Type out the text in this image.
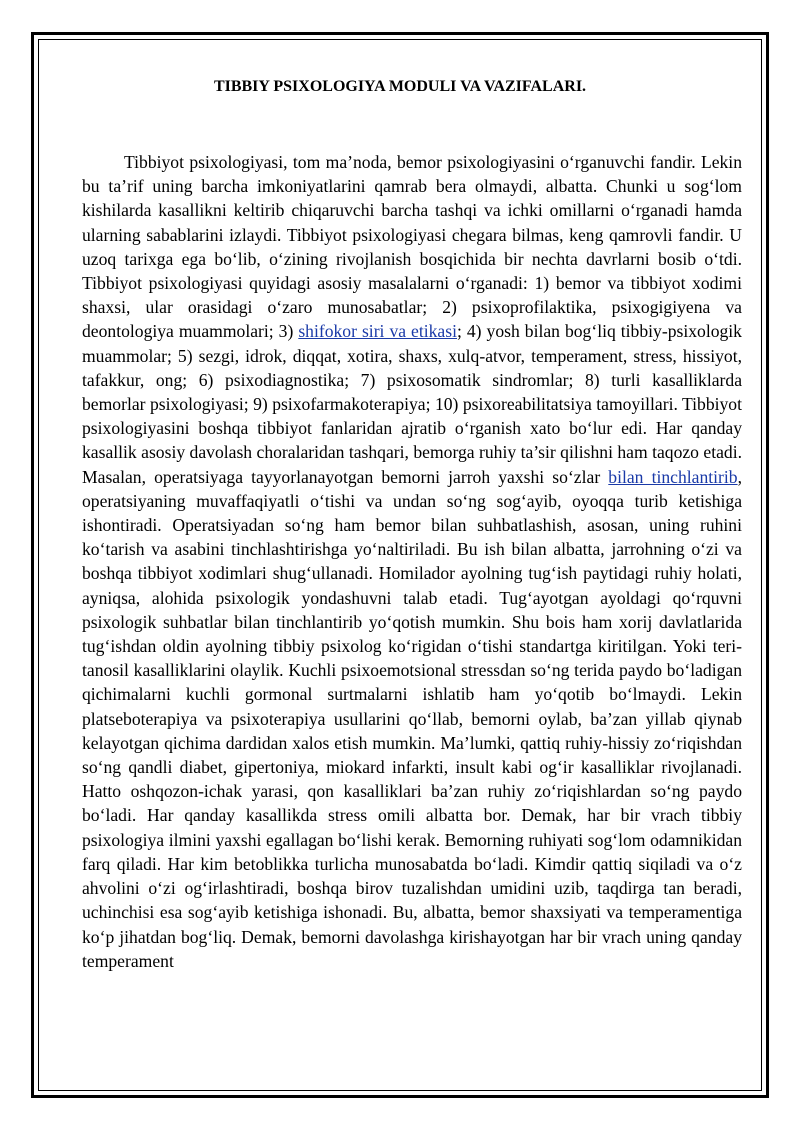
TIBBIY PSIXOLOGIYA MODULI VA VAZIFALARI.

Tibbiyot psixologiyasi, tom ma’noda, bemor psixologiyasini o‘rganuvchi fandir. Lekin bu ta’rif uning barcha imkoniyatlarini qamrab bera olmaydi, albatta. Chunki u sog‘lom kishilarda kasallikni keltirib chiqaruvchi barcha tashqi va ichki omillarni o‘rganadi hamda ularning sabablarini izlaydi. Tibbiyot psixologiyasi chegara bilmas, keng qamrovli fandir. U uzoq tarixga ega bo‘lib, o‘zining rivojlanish bosqichida bir nechta davrlarni bosib o‘tdi. Tibbiyot psixologiyasi quyidagi asosiy masalalarni o‘rganadi: 1) bemor va tibbiyot xodimi shaxsi, ular orasidagi o‘zaro munosabatlar; 2) psixoprofilaktika, psixogigiyena va deontologiya muammolari; 3) shifokor siri va etikasi; 4) yosh bilan bog‘liq tibbiy-psixologik muammolar; 5) sezgi, idrok, diqqat, xotira, shaxs, xulq-atvor, temperament, stress, hissiyot, tafakkur, ong; 6) psixodiagnostika; 7) psixosomatik sindromlar; 8) turli kasalliklarda bemorlar psixologiyasi; 9) psixofarmakoterapiya; 10) psixoreabilitatsiya tamoyillari. Tibbiyot psixologiyasini boshqa tibbiyot fanlaridan ajratib o‘rganish xato bo‘lur edi. Har qanday kasallik asosiy davolash choralaridan tashqari, bemorga ruhiy ta’sir qilishni ham taqozo etadi. Masalan, operatsiyaga tayyorlanayotgan bemorni jarroh yaxshi so‘zlar bilan tinchlantirib, operatsiyaning muvaffaqiyatli o‘tishi va undan so‘ng sog‘ayib, oyoqqa turib ketishiga ishontiradi. Operatsiyadan so‘ng ham bemor bilan suhbatlashish, asosan, uning ruhini ko‘tarish va asabini tinchlashtirishga yo‘naltiriladi. Bu ish bilan albatta, jarrohning o‘zi va boshqa tibbiyot xodimlari shug‘ullanadi. Homilador ayolning tug‘ish paytidagi ruhiy holati, ayniqsa, alohida psixologik yondashuvni talab etadi. Tug‘ayotgan ayoldagi qo‘rquvni psixologik suhbatlar bilan tinchlantirib yo‘qotish mumkin. Shu bois ham xorij davlatlarida tug‘ishdan oldin ayolning tibbiy psixolog ko‘rigidan o‘tishi standartga kiritilgan. Yoki teri-tanosil kasalliklarini olaylik. Kuchli psixoemotsional stressdan so‘ng terida paydo bo‘ladigan qichimalarni kuchli gormonal surtmalarni ishlatib ham yo‘qotib bo‘lmaydi. Lekin platseboterapiya va psixoterapiya usullarini qo‘llab, bemorni oylab, ba’zan yillab qiynab kelayotgan qichima dardidan xalos etish mumkin. Ma’lumki, qattiq ruhiy-hissiy zo‘riqishdan so‘ng qandli diabet, gipertoniya, miokard infarkti, insult kabi og‘ir kasalliklar rivojlanadi. Hatto oshqozon-ichak yarasi, qon kasalliklari ba’zan ruhiy zo‘riqishlardan so‘ng paydo bo‘ladi. Har qanday kasallikda stress omili albatta bor. Demak, har bir vrach tibbiy psixologiya ilmini yaxshi egallagan bo‘lishi kerak. Bemorning ruhiyati sog‘lom odamnikidan farq qiladi. Har kim betoblikka turlicha munosabatda bo‘ladi. Kimdir qattiq siqiladi va o‘z ahvolini o‘zi og‘irlashtiradi, boshqa birov tuzalishdan umidini uzib, taqdirga tan beradi, uchinchisi esa sog‘ayib ketishiga ishonadi. Bu, albatta, bemor shaxsiyati va temperamentiga ko‘p jihatdan bog‘liq. Demak, bemorni davolashga kirishayotgan har bir vrach uning qanday temperament
